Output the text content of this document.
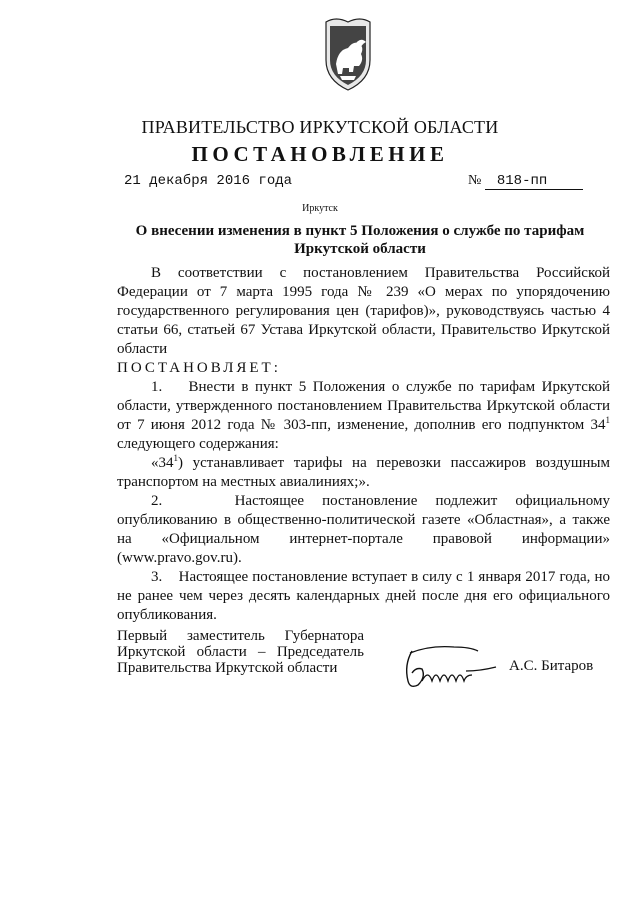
ПРАВИТЕЛЬСТВО ИРКУТСКОЙ ОБЛАСТИ
ПОСТАНОВЛЕНИЕ
21 декабря 2016 года	№ 818-пп
Иркутск
О внесении изменения в пункт 5 Положения о службе по тарифам
Иркутской области

В соответствии с постановлением Правительства Российской Федерации от 7 марта 1995 года № 239 «О мерах по упорядочению государственного регулирования цен (тарифов)», руководствуясь частью 4 статьи 66, статьей 67 Устава Иркутской области, Правительство Иркутской области

ПОСТАНОВЛЯЕТ:

1. Внести в пункт 5 Положения о службе по тарифам Иркутской области, утвержденного постановлением Правительства Иркутской области от 7 июня 2012 года № 303-пп, изменение, дополнив его подпунктом $34^1$ следующего содержания:

«$34^1$) устанавливает тарифы на перевозки пассажиров воздушным транспортом на местных авиалиниях;».

2.	Настоящее постановление подлежит официальному опубликованию в общественно-политической газете «Областная», а также на «Официальном интернет-портале правовой информации» (www.pravo.gov.ru).

3. Настоящее постановление вступает в силу с 1 января 2017 года, но не ранее чем через десять календарных дней после дня его официального опубликования.

Первый заместитель Губернатора
Иркутской области – Председатель
Правительства Иркутской области	А.С. Битаров
